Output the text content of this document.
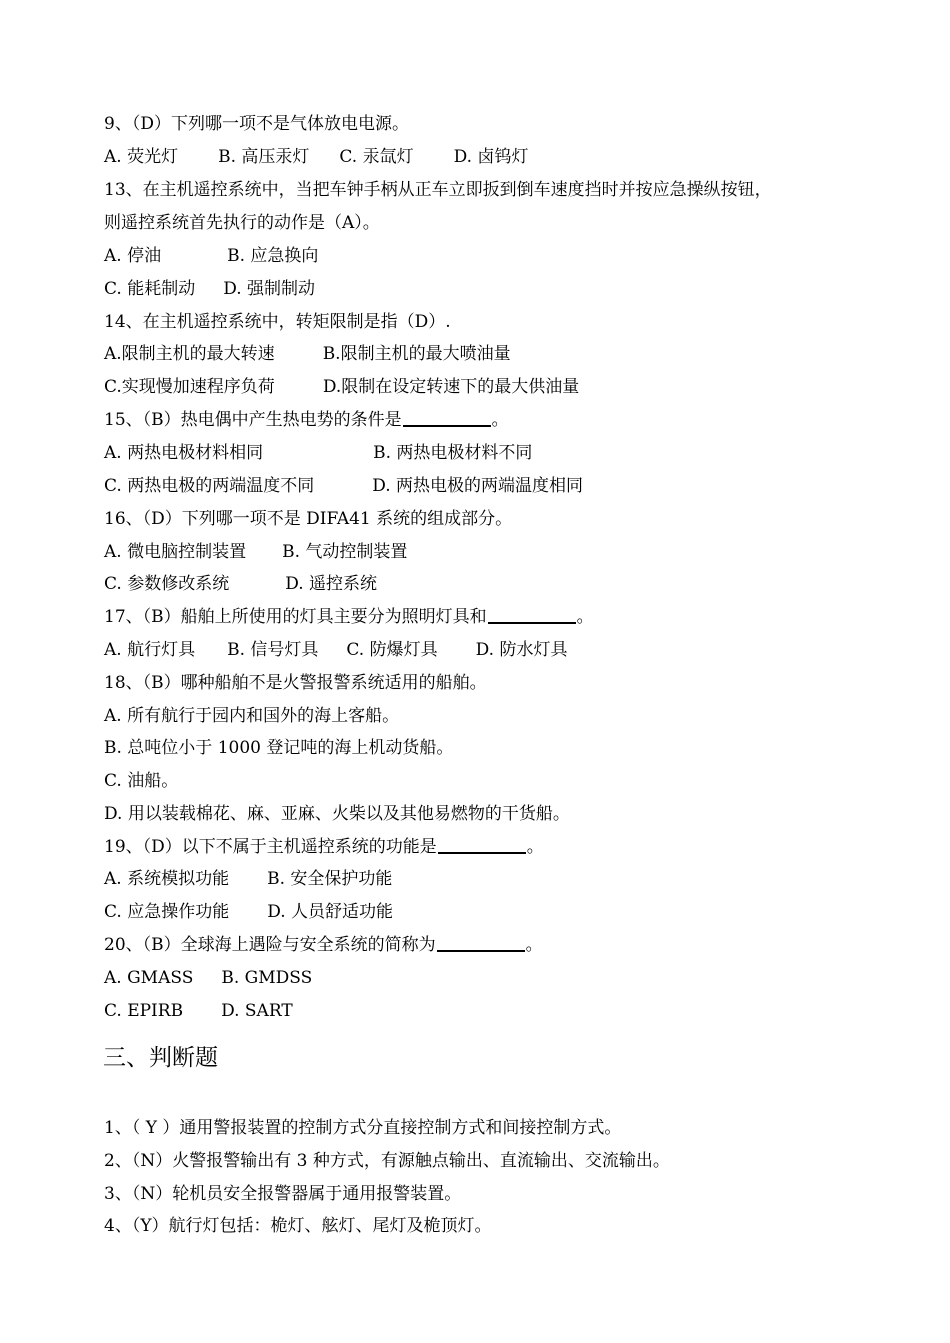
9、（D）下列哪一项不是气体放电电源。
A. 荧光灯 B. 高压汞灯 C. 汞氙灯 D. 卤钨灯
13、在主机遥控系统中，当把车钟手柄从正车立即扳到倒车速度挡时并按应急操纵按钮，
则遥控系统首先执行的动作是（A）。
A. 停油	B. 应急换向
C. 能耗制动 D. 强制制动
14、在主机遥控系统中，转矩限制是指（D）.
A.限制主机的最大转速	B.限制主机的最大喷油量
C.实现慢加速程序负荷	D.限制在设定转速下的最大供油量
15、（B）热电偶中产生热电势的条件是	。
A. 两热电极材料相同	B. 两热电极材料不同
C. 两热电极的两端温度不同	D. 两热电极的两端温度相同
16、（D）下列哪一项不是 DIFA41 系统的组成部分。
A. 微电脑控制装置 B. 气动控制装置
C. 参数修改系统	D. 遥控系统
17、（B）船舶上所使用的灯具主要分为照明灯具和	。
A. 航行灯具 B. 信号灯具 C. 防爆灯具 D. 防水灯具
18、（B）哪种船舶不是火警报警系统适用的船舶。
A. 所有航行于园内和国外的海上客船。
B. 总吨位小于 1000 登记吨的海上机动货船。
C. 油船。
D. 用以装载棉花、麻、亚麻、火柴以及其他易燃物的干货船。
19、（D）以下不属于主机遥控系统的功能是	。
A. 系统模拟功能 B. 安全保护功能
C. 应急操作功能 D. 人员舒适功能
20、（B）全球海上遇险与安全系统的简称为	。
A. GMASS B. GMDSS
C. EPIRB D. SART
三、判断题
1、（ Y ）通用警报装置的控制方式分直接控制方式和间接控制方式。
2、（N）火警报警输出有 3 种方式，有源触点输出、直流输出、交流输出。
3、（N）轮机员安全报警器属于通用报警装置。
4、（Y）航行灯包括：桅灯、舷灯、尾灯及桅顶灯。
